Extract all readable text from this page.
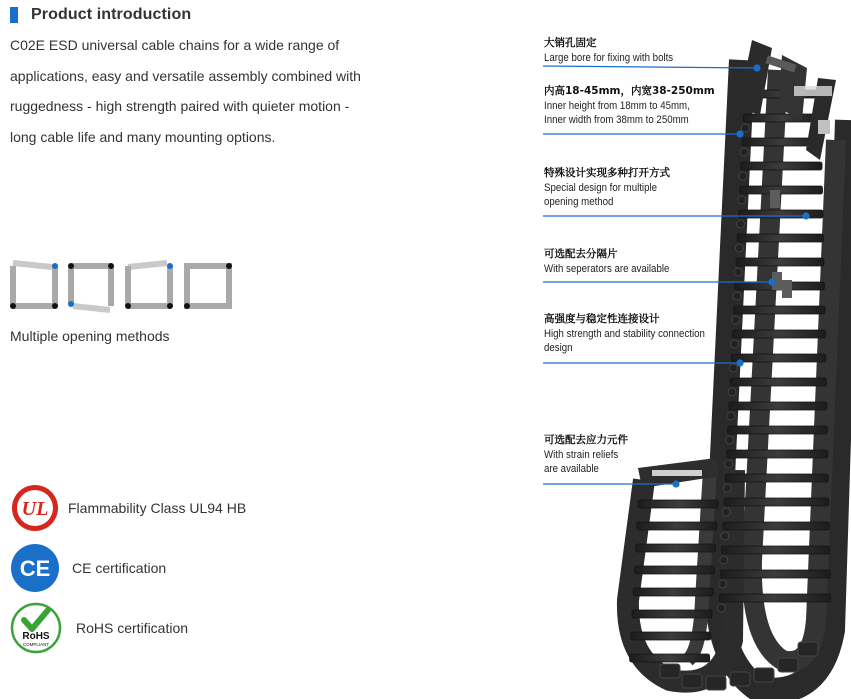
Product introduction
C02E ESD universal cable chains for a wide range of
applications, easy and versatile assembly combined with
ruggedness - high strength paired with quieter motion -
long cable life and many mounting options.
Multiple opening methods
UL Flammability Class UL94 HB
CE CE certification
RoHS
COMPLIANT
RoHS certification
大销孔固定
Large bore for fixing with bolts
内高18-45mm，内宽38-250mm
Inner height from 18mm to 45mm,
Inner width from 38mm to 250mm
特殊设计实现多种打开方式
Special design for multiple
opening method
可选配去分隔片
With seperators are available
高强度与稳定性连接设计
High strength and stability connection
design
可选配去应力元件
With strain reliefs
are available
